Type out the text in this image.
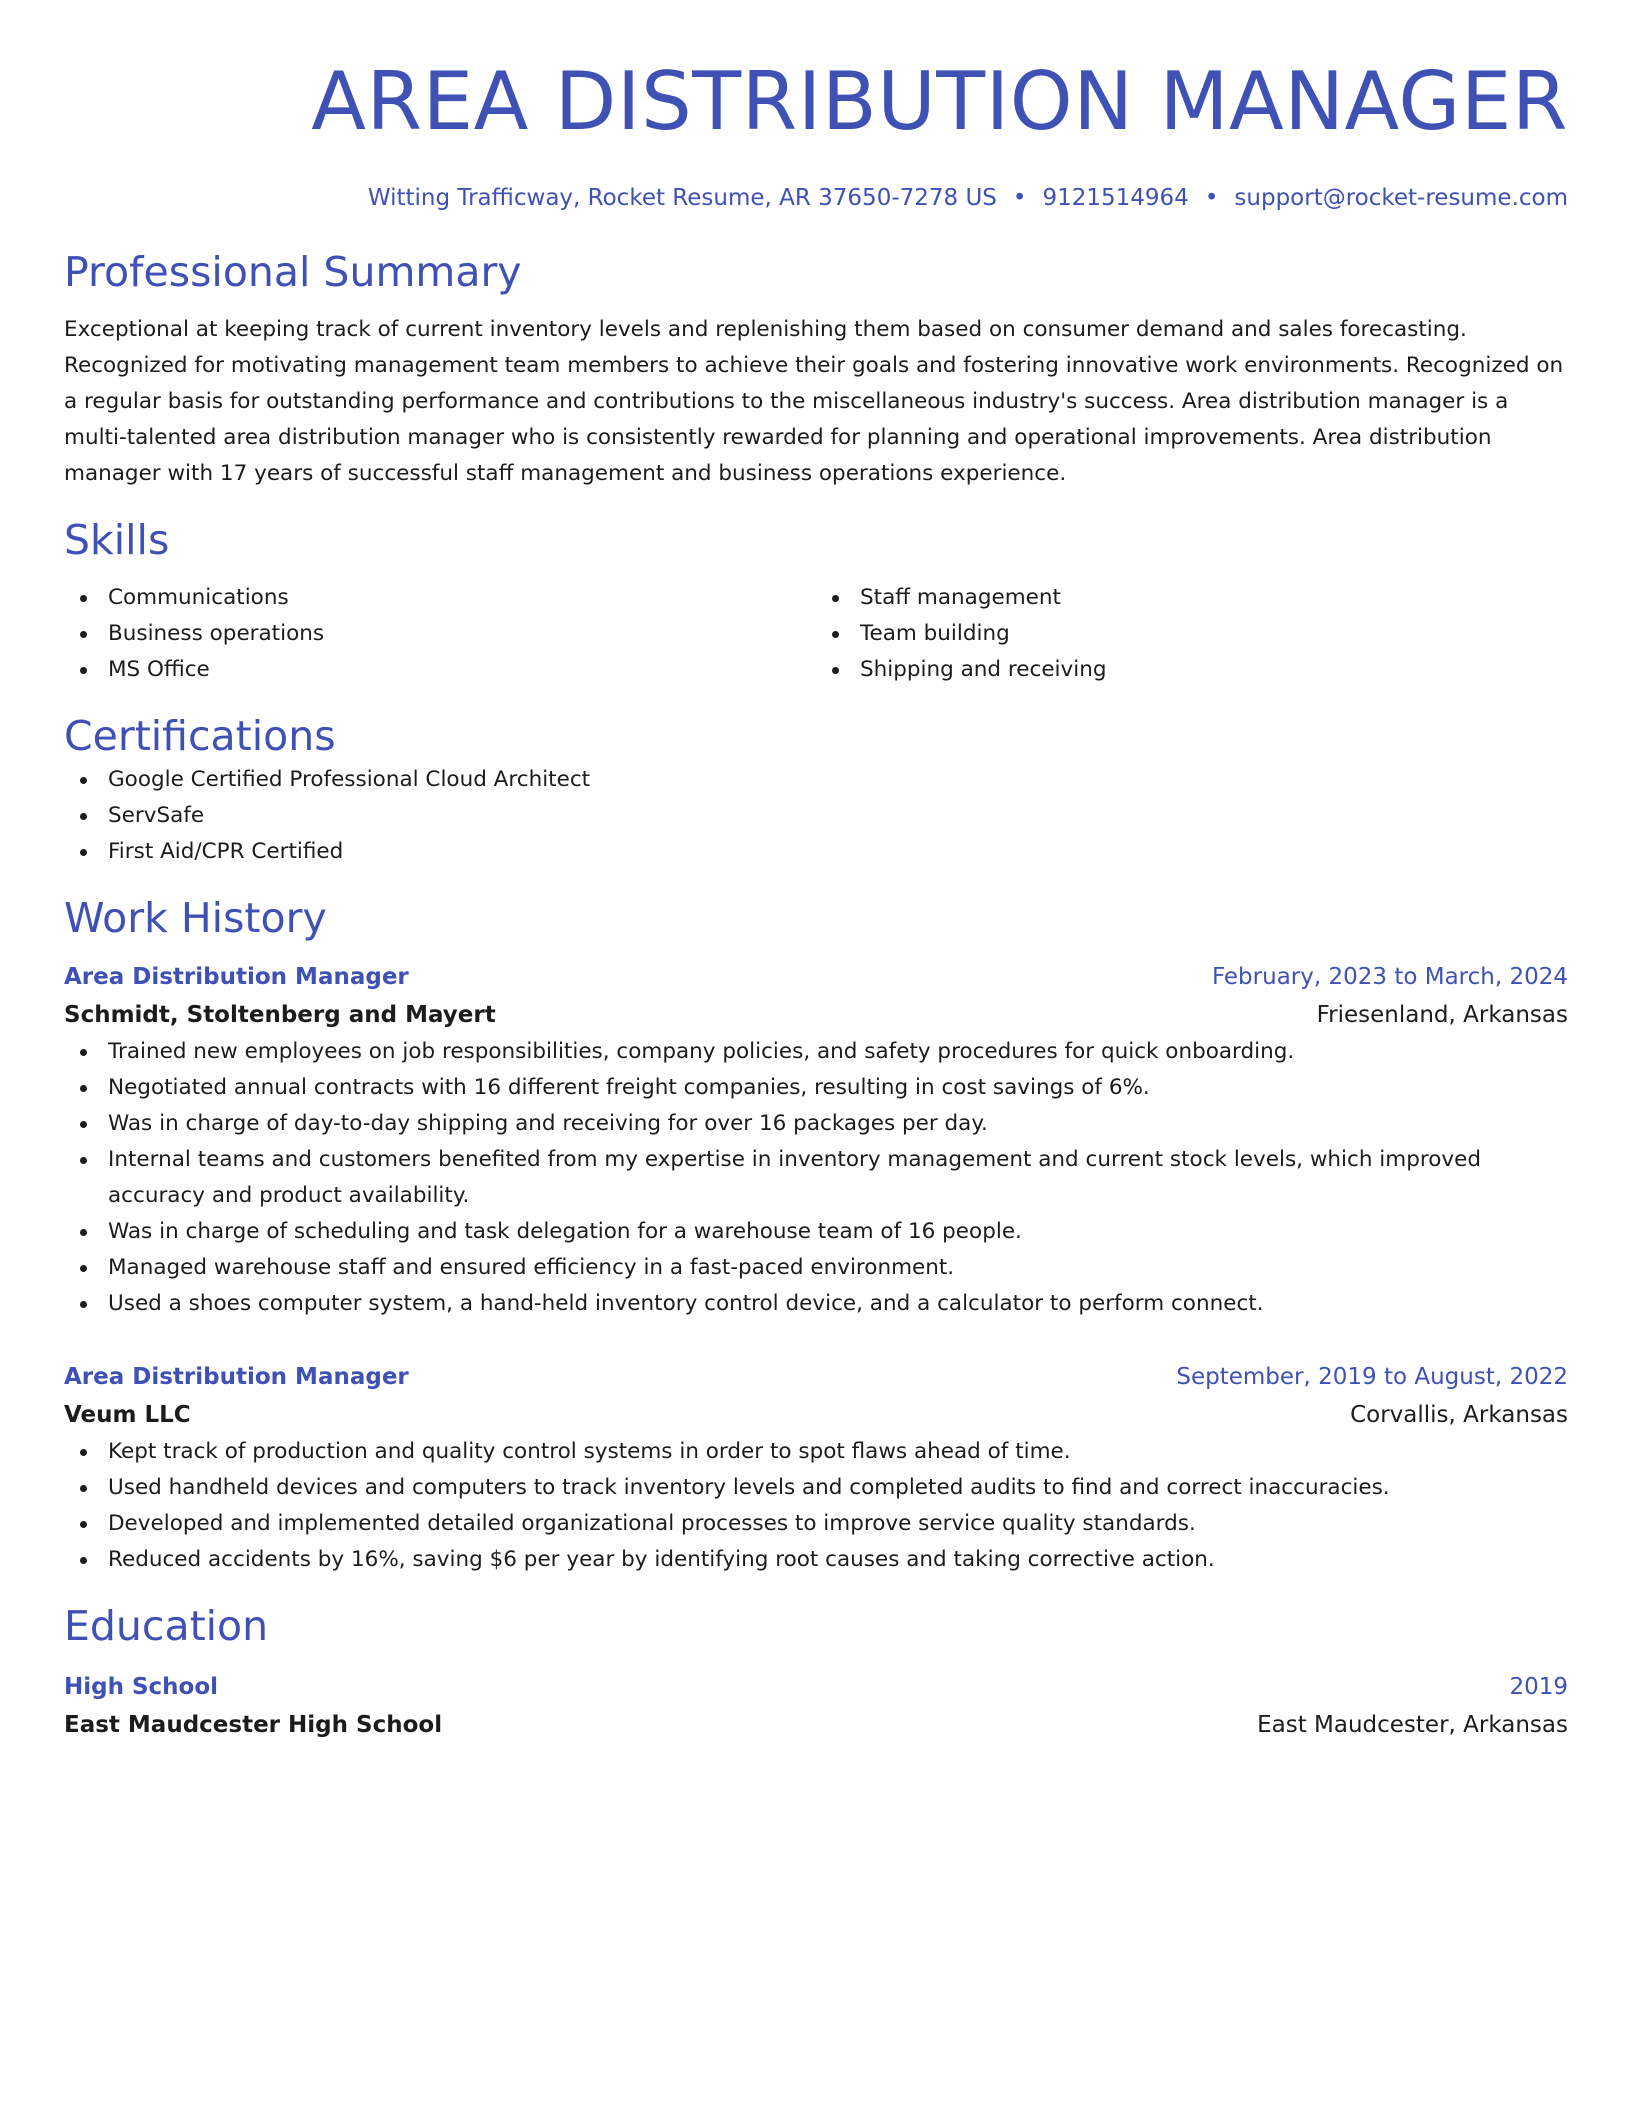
AREA DISTRIBUTION MANAGER
Witting Trafficway, Rocket Resume, AR 37650-7278 US • 9121514964 • support@rocket-resume.com
Professional Summary
Exceptional at keeping track of current inventory levels and replenishing them based on consumer demand and sales forecasting. Recognized for motivating management team members to achieve their goals and fostering innovative work environments. Recognized on a regular basis for outstanding performance and contributions to the miscellaneous industry's success. Area distribution manager is a multi-talented area distribution manager who is consistently rewarded for planning and operational improvements. Area distribution manager with 17 years of successful staff management and business operations experience.
Skills
Communications
Business operations
MS Office
Staff management
Team building
Shipping and receiving
Certifications
Google Certified Professional Cloud Architect
ServSafe
First Aid/CPR Certified
Work History
Area Distribution Manager	February, 2023 to March, 2024
Schmidt, Stoltenberg and Mayert	Friesenland, Arkansas
Trained new employees on job responsibilities, company policies, and safety procedures for quick onboarding.
Negotiated annual contracts with 16 different freight companies, resulting in cost savings of 6%.
Was in charge of day-to-day shipping and receiving for over 16 packages per day.
Internal teams and customers benefited from my expertise in inventory management and current stock levels, which improved accuracy and product availability.
Was in charge of scheduling and task delegation for a warehouse team of 16 people.
Managed warehouse staff and ensured efficiency in a fast-paced environment.
Used a shoes computer system, a hand-held inventory control device, and a calculator to perform connect.
Area Distribution Manager	September, 2019 to August, 2022
Veum LLC	Corvallis, Arkansas
Kept track of production and quality control systems in order to spot flaws ahead of time.
Used handheld devices and computers to track inventory levels and completed audits to find and correct inaccuracies.
Developed and implemented detailed organizational processes to improve service quality standards.
Reduced accidents by 16%, saving $6 per year by identifying root causes and taking corrective action.
Education
High School	2019
East Maudcester High School	East Maudcester, Arkansas
